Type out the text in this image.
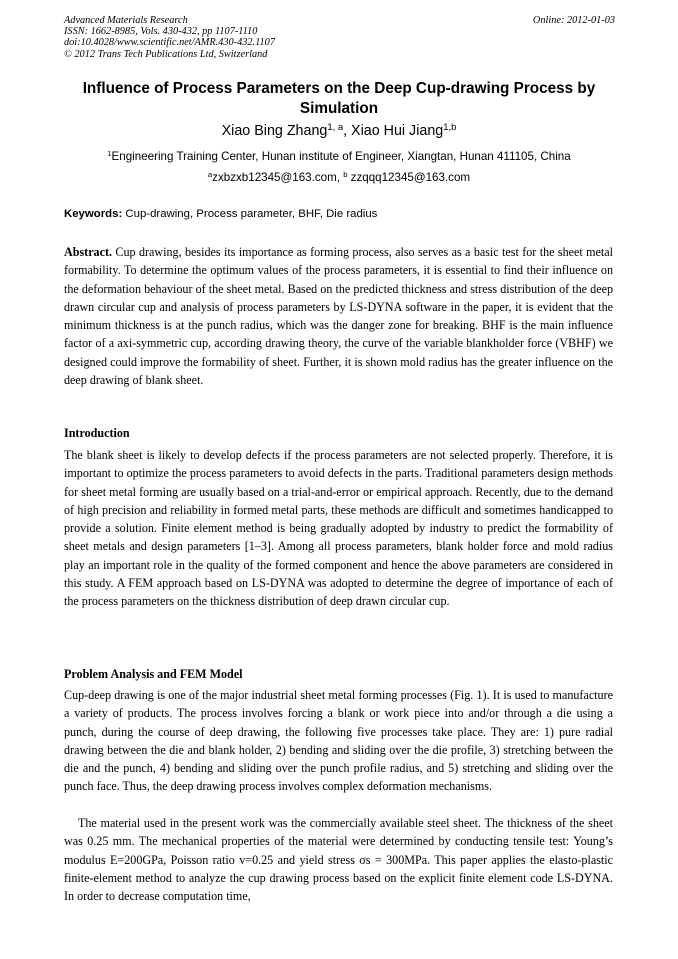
Advanced Materials Research
ISSN: 1662-8985, Vols. 430-432, pp 1107-1110
doi:10.4028/www.scientific.net/AMR.430-432.1107
© 2012 Trans Tech Publications Ltd, Switzerland
Online: 2012-01-03
Influence of Process Parameters on the Deep Cup-drawing Process by Simulation
Xiao Bing Zhang$^{1, a}$, Xiao Hui Jiang$^{1,b}$
$^1$Engineering Training Center, Hunan institute of Engineer, Xiangtan, Hunan 411105, China
$^a$zxbzxb12345@163.com, $^b$ zzqqq12345@163.com
Keywords: Cup-drawing, Process parameter, BHF, Die radius
Abstract. Cup drawing, besides its importance as forming process, also serves as a basic test for the sheet metal formability. To determine the optimum values of the process parameters, it is essential to find their influence on the deformation behaviour of the sheet metal. Based on the predicted thickness and stress distribution of the deep drawn circular cup and analysis of process parameters by LS-DYNA software in the paper, it is evident that the minimum thickness is at the punch radius, which was the danger zone for breaking. BHF is the main influence factor of a axi-symmetric cup, according drawing theory, the curve of the variable blankholder force (VBHF) we designed could improve the formability of sheet. Further, it is shown mold radius has the greater influence on the deep drawing of blank sheet.
Introduction
The blank sheet is likely to develop defects if the process parameters are not selected properly. Therefore, it is important to optimize the process parameters to avoid defects in the parts. Traditional parameters design methods for sheet metal forming are usually based on a trial-and-error or empirical approach. Recently, due to the demand of high precision and reliability in formed metal parts, these methods are difficult and sometimes handicapped to provide a solution. Finite element method is being gradually adopted by industry to predict the formability of sheet metals and design parameters [1–3]. Among all process parameters, blank holder force and mold radius play an important role in the quality of the formed component and hence the above parameters are considered in this study. A FEM approach based on LS-DYNA was adopted to determine the degree of importance of each of the process parameters on the thickness distribution of deep drawn circular cup.
Problem Analysis and FEM Model
Cup-deep drawing is one of the major industrial sheet metal forming processes (Fig. 1). It is used to manufacture a variety of products. The process involves forcing a blank or work piece into and/or through a die using a punch, during the course of deep drawing, the following five processes take place. They are: 1) pure radial drawing between the die and blank holder, 2) bending and sliding over the die profile, 3) stretching between the die and the punch, 4) bending and sliding over the punch profile radius, and 5) stretching and sliding over the punch face. Thus, the deep drawing process involves complex deformation mechanisms.
The material used in the present work was the commercially available steel sheet. The thickness of the sheet was 0.25 mm. The mechanical properties of the material were determined by conducting tensile test: Young’s modulus E=200GPa, Poisson ratio v=0.25 and yield stress σs = 300MPa. This paper applies the elasto-plastic finite-element method to analyze the cup drawing process based on the explicit finite element code LS-DYNA. In order to decrease computation time,
